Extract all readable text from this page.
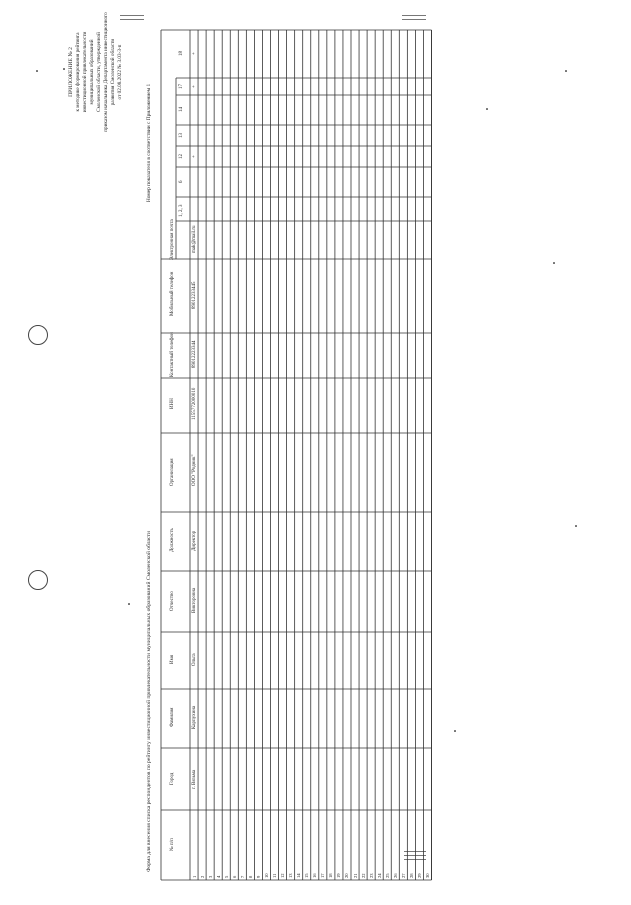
ПРИЛОЖЕНИЕ № 2 к методике формирования рейтинга инвестиционной привлекательности муниципальных образований Смоленской области, утвержденной приказом начальника Департамента инвестиционного развития Смоленской области от 02.08.2022 № 3.03-3-п
Форма для внесения списка респондентов по рейтингу инвестиционной привлекательности муниципальных образований Смоленской области
Номер показателя в соответствии с Приложением 1
№ п/п
Город
Фамилия
Имя
Отчество
Должность
Организация
ИНН
Контактный телефон
Мобильный телефон
Электронная почта
1, 2, 3
6
12
13
14
17
18
1 2 3 4 5 6 7 8 9 10 11 12 13 14 15 16 17 18 19 20 21 22 23 24 25 26 27 28 29 30
г. Вязьма
Карпухина
Ольга
Викторовна
Директор
ООО "Родник"
1155772000010
89012223344
89012233445
mak@mail.ru
+
+
+
